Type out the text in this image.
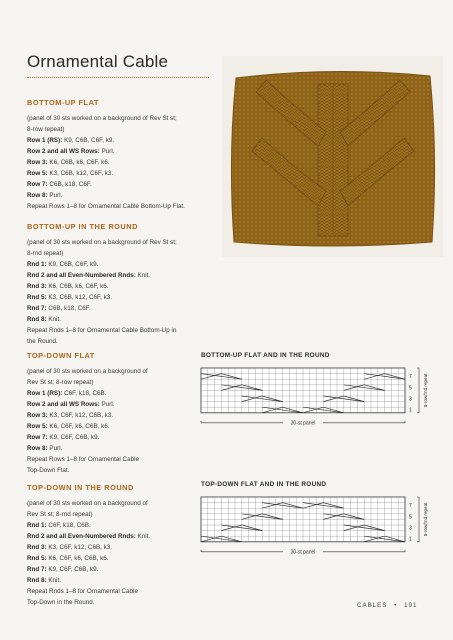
Ornamental Cable
BOTTOM-UP FLAT
(panel of 30 sts worked on a background of Rev St st;
8-row repeat)
Row 1 (RS): K9, C6B, C6F, k9.
Row 2 and all WS Rows: Purl.
Row 3: K6, C6B, k6, C6F, k6.
Row 5: K3, C6B, k12, C6F, k3.
Row 7: C6B, k18, C6F.
Row 8: Purl.
Repeat Rows 1–8 for Ornamental Cable Bottom-Up Flat.
BOTTOM-UP IN THE ROUND
(panel of 30 sts worked on a background of Rev St st;
8-rnd repeat)
Rnd 1: K9, C6B, C6F, k9.
Rnd 2 and all Even-Numbered Rnds: Knit.
Rnd 3: K6, C6B, k6, C6F, k6.
Rnd 5: K3, C6B, k12, C6F, k3.
Rnd 7: C6B, k18, C6F.
Rnd 8: Knit.
Repeat Rnds 1–8 for Ornamental Cable Bottom-Up in
the Round.
TOP-DOWN FLAT
(panel of 30 sts worked on a background of
Rev St st; 8-row repeat)
Row 1 (RS): C6F, k18, C6B.
Row 2 and all WS Rows: Purl.
Row 3: K3, C6F, k12, C6B, k3.
Row 5: K6, C6F, k6, C6B, k6.
Row 7: K9, C6F, C6B, k9.
Row 8: Purl.
Repeat Rows 1–8 for Ornamental Cable
Top-Down Flat.
TOP-DOWN IN THE ROUND
(panel of 30 sts worked on a background of
Rev St st; 8-rnd repeat)
Rnd 1: C6F, k18, C6B.
Rnd 2 and all Even-Numbered Rnds: Knit.
Rnd 3: K3, C6F, k12, C6B, k3.
Rnd 5: K6, C6F, k6, C6B, k6.
Rnd 7: K9, C6F, C6B, k9.
Rnd 8: Knit.
Repeat Rnds 1–8 for Ornamental Cable
Top-Down in the Round.
BOTTOM-UP FLAT AND IN THE ROUND
7
5
3
1
8-row/rnd repeat
30-st panel
TOP-DOWN FLAT AND IN THE ROUND
7
5
3
1
8-row/rnd repeat
30-st panel
CABLES • 191
